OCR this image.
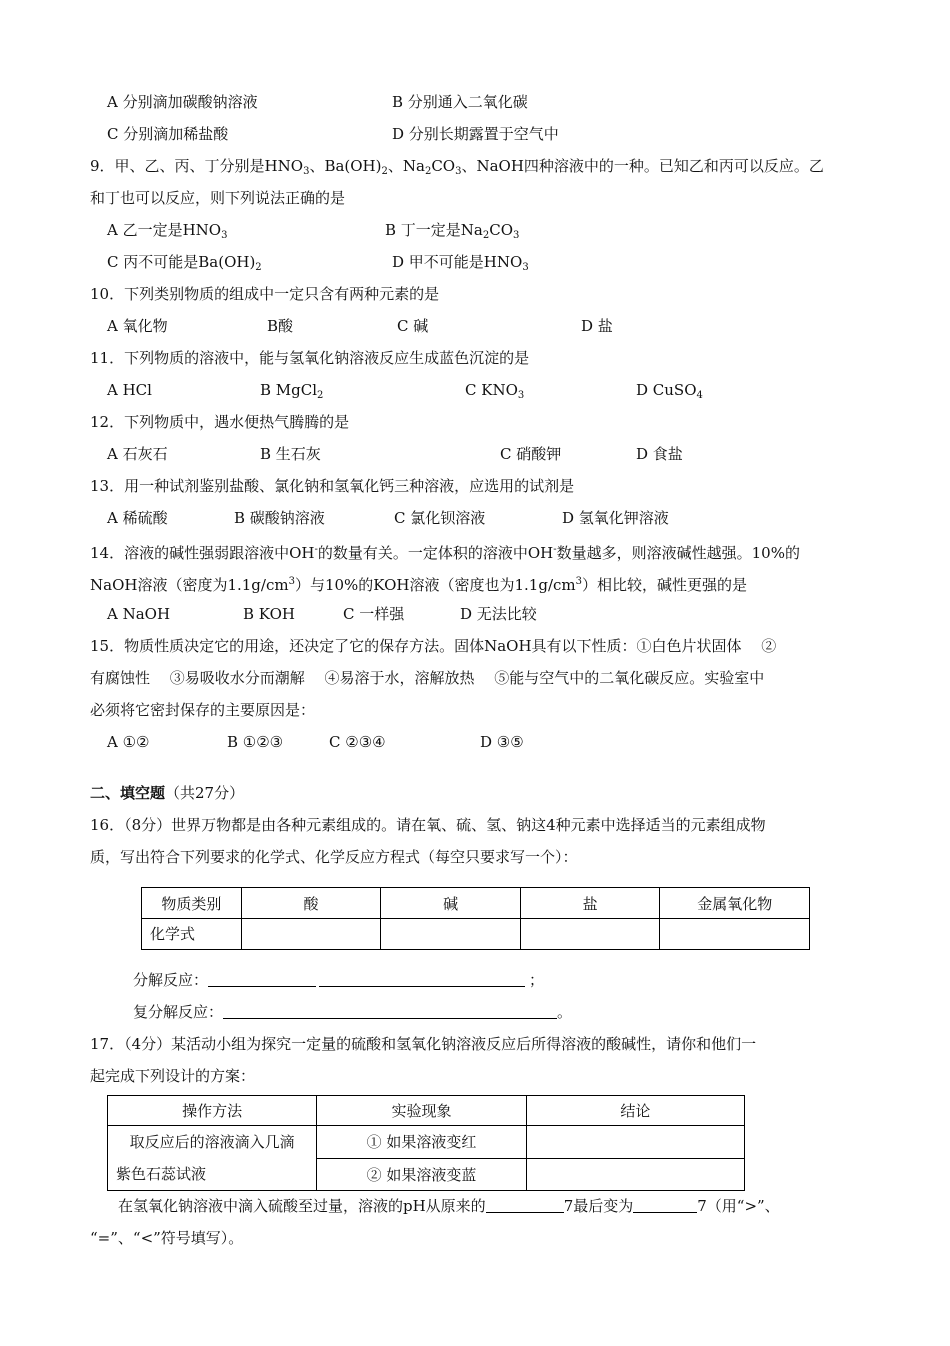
A 分别滴加碳酸钠溶液	B 分别通入二氧化碳
C 分别滴加稀盐酸	D 分别长期露置于空气中
9．甲、乙、丙、丁分别是$HNO_3$、$Ba(OH)_2$、$Na_2CO_3$、NaOH四种溶液中的一种。已知乙和丙可以反应。乙
和丁也可以反应，则下列说法正确的是
A 乙一定是$HNO_3$	B 丁一定是$Na_2CO_3$
C 丙不可能是$Ba(OH)_2$	D 甲不可能是$HNO_3$
10．下列类别物质的组成中一定只含有两种元素的是
A 氧化物	B酸	C 碱	D 盐
11．下列物质的溶液中，能与氢氧化钠溶液反应生成蓝色沉淀的是
A HCl	B MgCl$_2$	C $KNO_3$	D CuSO$_4$
12．下列物质中，遇水便热气腾腾的是
A 石灰石	B 生石灰	C 硝酸钾	D 食盐
13．用一种试剂鉴别盐酸、氯化钠和氢氧化钙三种溶液，应选用的试剂是
A 稀硫酸	B 碳酸钠溶液	C 氯化钡溶液	D 氢氧化钾溶液
14．溶液的碱性强弱跟溶液中OH-的数量有关。一定体积的溶液中OH-数量越多，则溶液碱性越强。10%的
NaOH溶液（密度为$1.1g/cm^3$）与10%的KOH溶液（密度也为$1.1g/cm^3$）相比较，碱性更强的是
A NaOH	B KOH	C 一样强	D 无法比较
15．物质性质决定它的用途，还决定了它的保存方法。固体NaOH具有以下性质：①白色片状固体　 ②
有腐蚀性　 ③易吸收水分而潮解　 ④易溶于水，溶解放热　 ⑤能与空气中的二氧化碳反应。实验室中
必须将它密封保存的主要原因是：
A ①②	B ①②③	C ②③④	D ③⑤
二、填空题（共27分）
16．（8分）世界万物都是由各种元素组成的。请在氧、硫、氢、钠这4种元素中选择适当的元素组成物
质，写出符合下列要求的化学式、化学反应方程式（每空只要求写一个）：
物质类别	酸	碱	盐	金属氧化物
化学式				
分解反应：	；
复分解反应：	。
17．（4分）某活动小组为探究一定量的硫酸和氢氧化钠溶液反应后所得溶液的酸碱性，请你和他们一
起完成下列设计的方案：
操作方法	实验现象	结论

取反应后的溶液滴入几滴
紫色石蕊试液	① 如果溶液变红	
	② 如果溶液变蓝	
在氢氧化钠溶液中滴入硫酸至过量，溶液的pH从原来的	7最后变为	7（用“>”、
“=”、“<”符号填写）。
